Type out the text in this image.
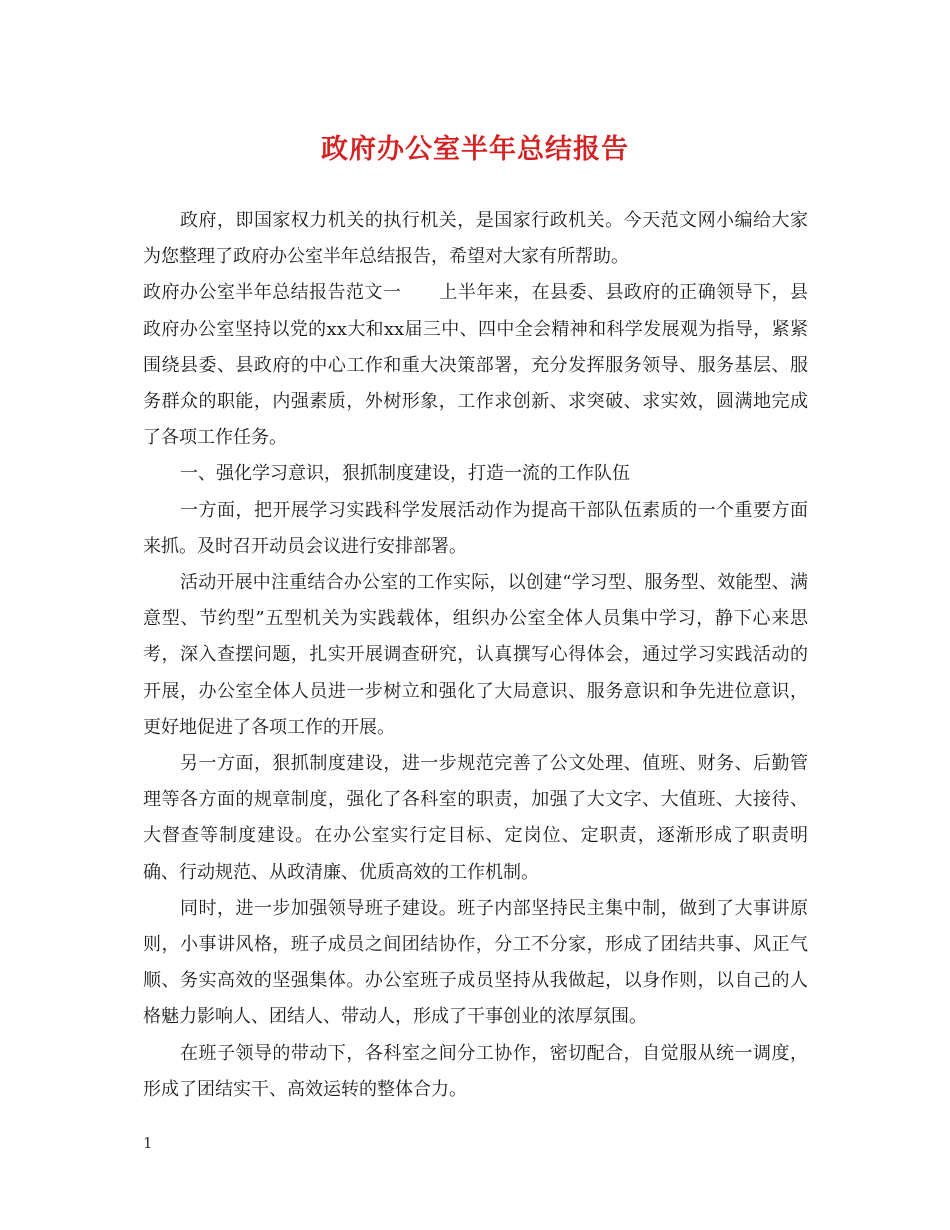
政府办公室半年总结报告

政府，即国家权力机关的执行机关，是国家行政机关。今天范文网小编给大家为您整理了政府办公室半年总结报告，希望对大家有所帮助。

政府办公室半年总结报告范文一 上半年来，在县委、县政府的正确领导下，县政府办公室坚持以党的xx大和xx届三中、四中全会精神和科学发展观为指导，紧紧围绕县委、县政府的中心工作和重大决策部署，充分发挥服务领导、服务基层、服务群众的职能，内强素质，外树形象，工作求创新、求突破、求实效，圆满地完成了各项工作任务。

一、强化学习意识，狠抓制度建设，打造一流的工作队伍

一方面，把开展学习实践科学发展活动作为提高干部队伍素质的一个重要方面来抓。及时召开动员会议进行安排部署。

活动开展中注重结合办公室的工作实际，以创建“学习型、服务型、效能型、满意型、节约型”五型机关为实践载体，组织办公室全体人员集中学习，静下心来思考，深入查摆问题，扎实开展调查研究，认真撰写心得体会，通过学习实践活动的开展，办公室全体人员进一步树立和强化了大局意识、服务意识和争先进位意识，更好地促进了各项工作的开展。

另一方面，狠抓制度建设，进一步规范完善了公文处理、值班、财务、后勤管理等各方面的规章制度，强化了各科室的职责，加强了大文字、大值班、大接待、大督查等制度建设。在办公室实行定目标、定岗位、定职责，逐渐形成了职责明确、行动规范、从政清廉、优质高效的工作机制。

同时，进一步加强领导班子建设。班子内部坚持民主集中制，做到了大事讲原则，小事讲风格，班子成员之间团结协作，分工不分家，形成了团结共事、风正气顺、务实高效的坚强集体。办公室班子成员坚持从我做起，以身作则，以自己的人格魅力影响人、团结人、带动人，形成了干事创业的浓厚氛围。

在班子领导的带动下，各科室之间分工协作，密切配合，自觉服从统一调度，形成了团结实干、高效运转的整体合力。

1
